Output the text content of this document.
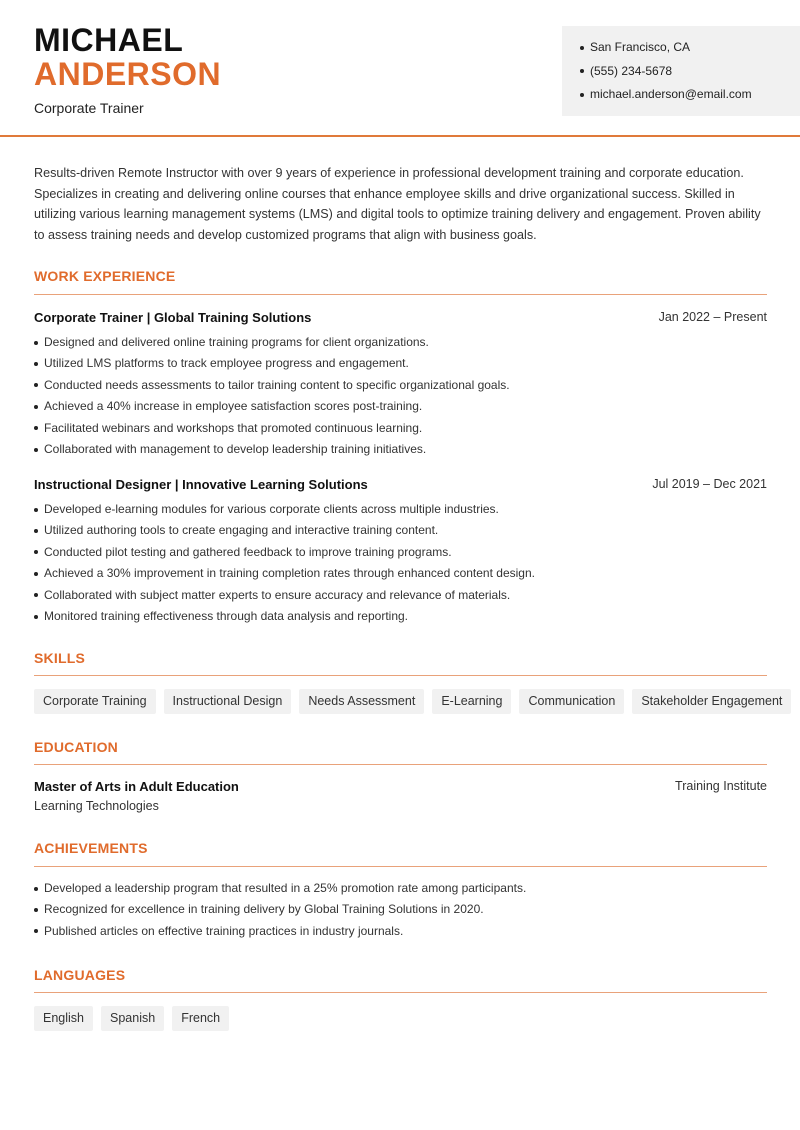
MICHAEL
ANDERSON
Corporate Trainer
San Francisco, CA
(555) 234-5678
michael.anderson@email.com

Results-driven Remote Instructor with over 9 years of experience in professional development training and corporate education. Specializes in creating and delivering online courses that enhance employee skills and drive organizational success. Skilled in utilizing various learning management systems (LMS) and digital tools to optimize training delivery and engagement. Proven ability to assess training needs and develop customized programs that align with business goals.

WORK EXPERIENCE
Corporate Trainer | Global Training Solutions	Jan 2022 – Present
Designed and delivered online training programs for client organizations.
Utilized LMS platforms to track employee progress and engagement.
Conducted needs assessments to tailor training content to specific organizational goals.
Achieved a 40% increase in employee satisfaction scores post-training.
Facilitated webinars and workshops that promoted continuous learning.
Collaborated with management to develop leadership training initiatives.
Instructional Designer | Innovative Learning Solutions	Jul 2019 – Dec 2021
Developed e-learning modules for various corporate clients across multiple industries.
Utilized authoring tools to create engaging and interactive training content.
Conducted pilot testing and gathered feedback to improve training programs.
Achieved a 30% improvement in training completion rates through enhanced content design.
Collaborated with subject matter experts to ensure accuracy and relevance of materials.
Monitored training effectiveness through data analysis and reporting.
SKILLS
Corporate Training	Instructional Design	Needs Assessment	E-Learning	Communication	Stakeholder Engagement
EDUCATION
Master of Arts in Adult Education	Training Institute
Learning Technologies
ACHIEVEMENTS
Developed a leadership program that resulted in a 25% promotion rate among participants.
Recognized for excellence in training delivery by Global Training Solutions in 2020.
Published articles on effective training practices in industry journals.
LANGUAGES
English	Spanish	French
